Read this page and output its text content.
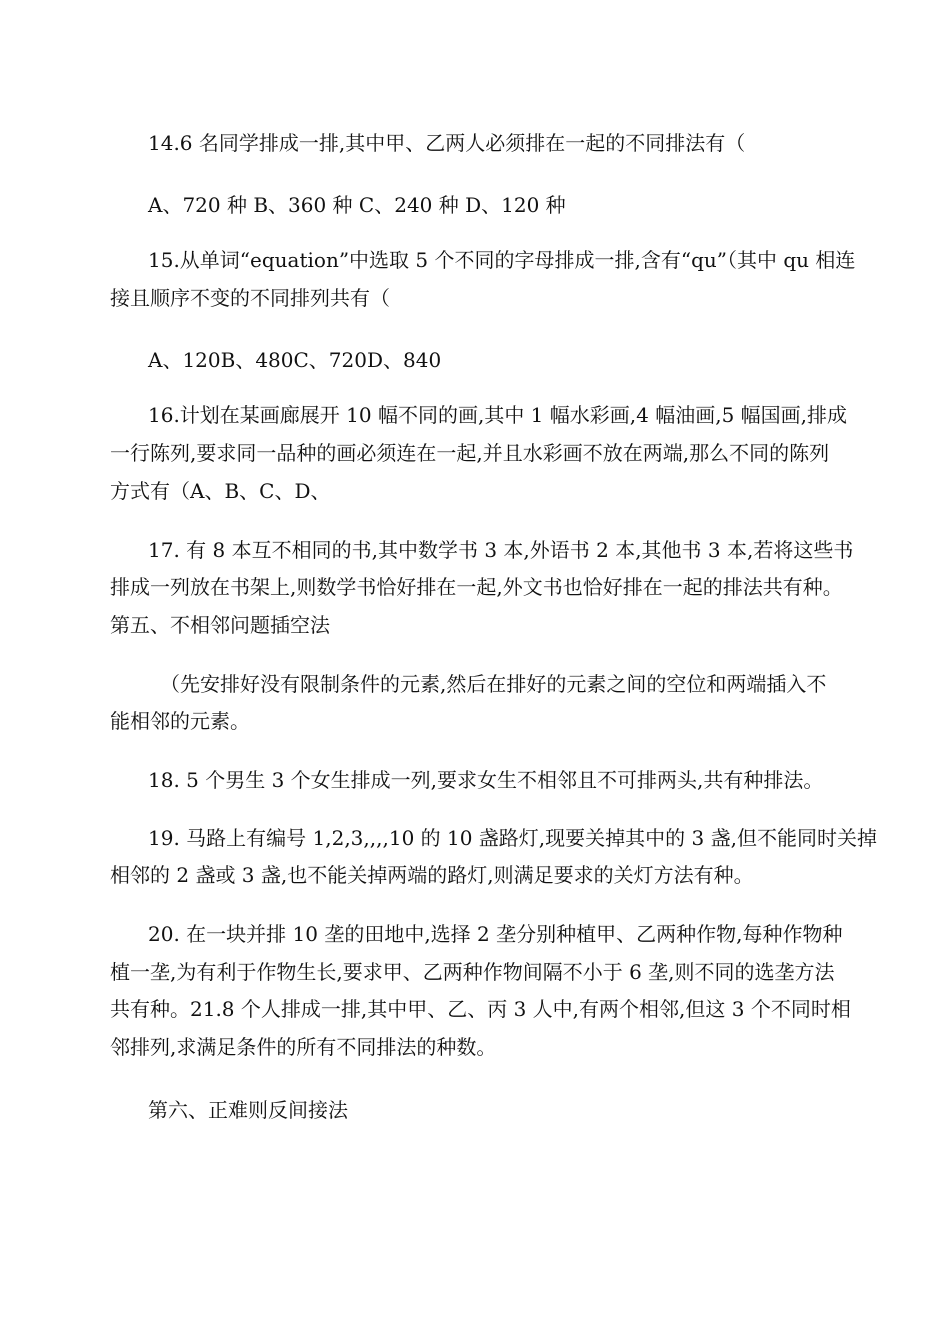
14.6 名同学排成一排,其中甲、乙两人必须排在一起的不同排法有（
A、720 种 B、360 种 C、240 种 D、120 种
15.从单词“equation”中选取 5 个不同的字母排成一排,含有“qu”（其中 qu 相连
接且顺序不变的不同排列共有（
A、120B、480C、720D、840
16.计划在某画廊展开 10 幅不同的画,其中 1 幅水彩画,4 幅油画,5 幅国画,排成
一行陈列,要求同一品种的画必须连在一起,并且水彩画不放在两端,那么不同的陈列
方式有（A、B、C、D、
17. 有 8 本互不相同的书,其中数学书 3 本,外语书 2 本,其他书 3 本,若将这些书
排成一列放在书架上,则数学书恰好排在一起,外文书也恰好排在一起的排法共有种。
第五、不相邻问题插空法
（先安排好没有限制条件的元素,然后在排好的元素之间的空位和两端插入不
能相邻的元素。
18. 5 个男生 3 个女生排成一列,要求女生不相邻且不可排两头,共有种排法。
19. 马路上有编号 1,2,3,,,,10 的 10 盏路灯,现要关掉其中的 3 盏,但不能同时关掉
相邻的 2 盏或 3 盏,也不能关掉两端的路灯,则满足要求的关灯方法有种。
20. 在一块并排 10 垄的田地中,选择 2 垄分别种植甲、乙两种作物,每种作物种
植一垄,为有利于作物生长,要求甲、乙两种作物间隔不小于 6 垄,则不同的选垄方法
共有种。21.8 个人排成一排,其中甲、乙、丙 3 人中,有两个相邻,但这 3 个不同时相
邻排列,求满足条件的所有不同排法的种数。
第六、正难则反间接法
